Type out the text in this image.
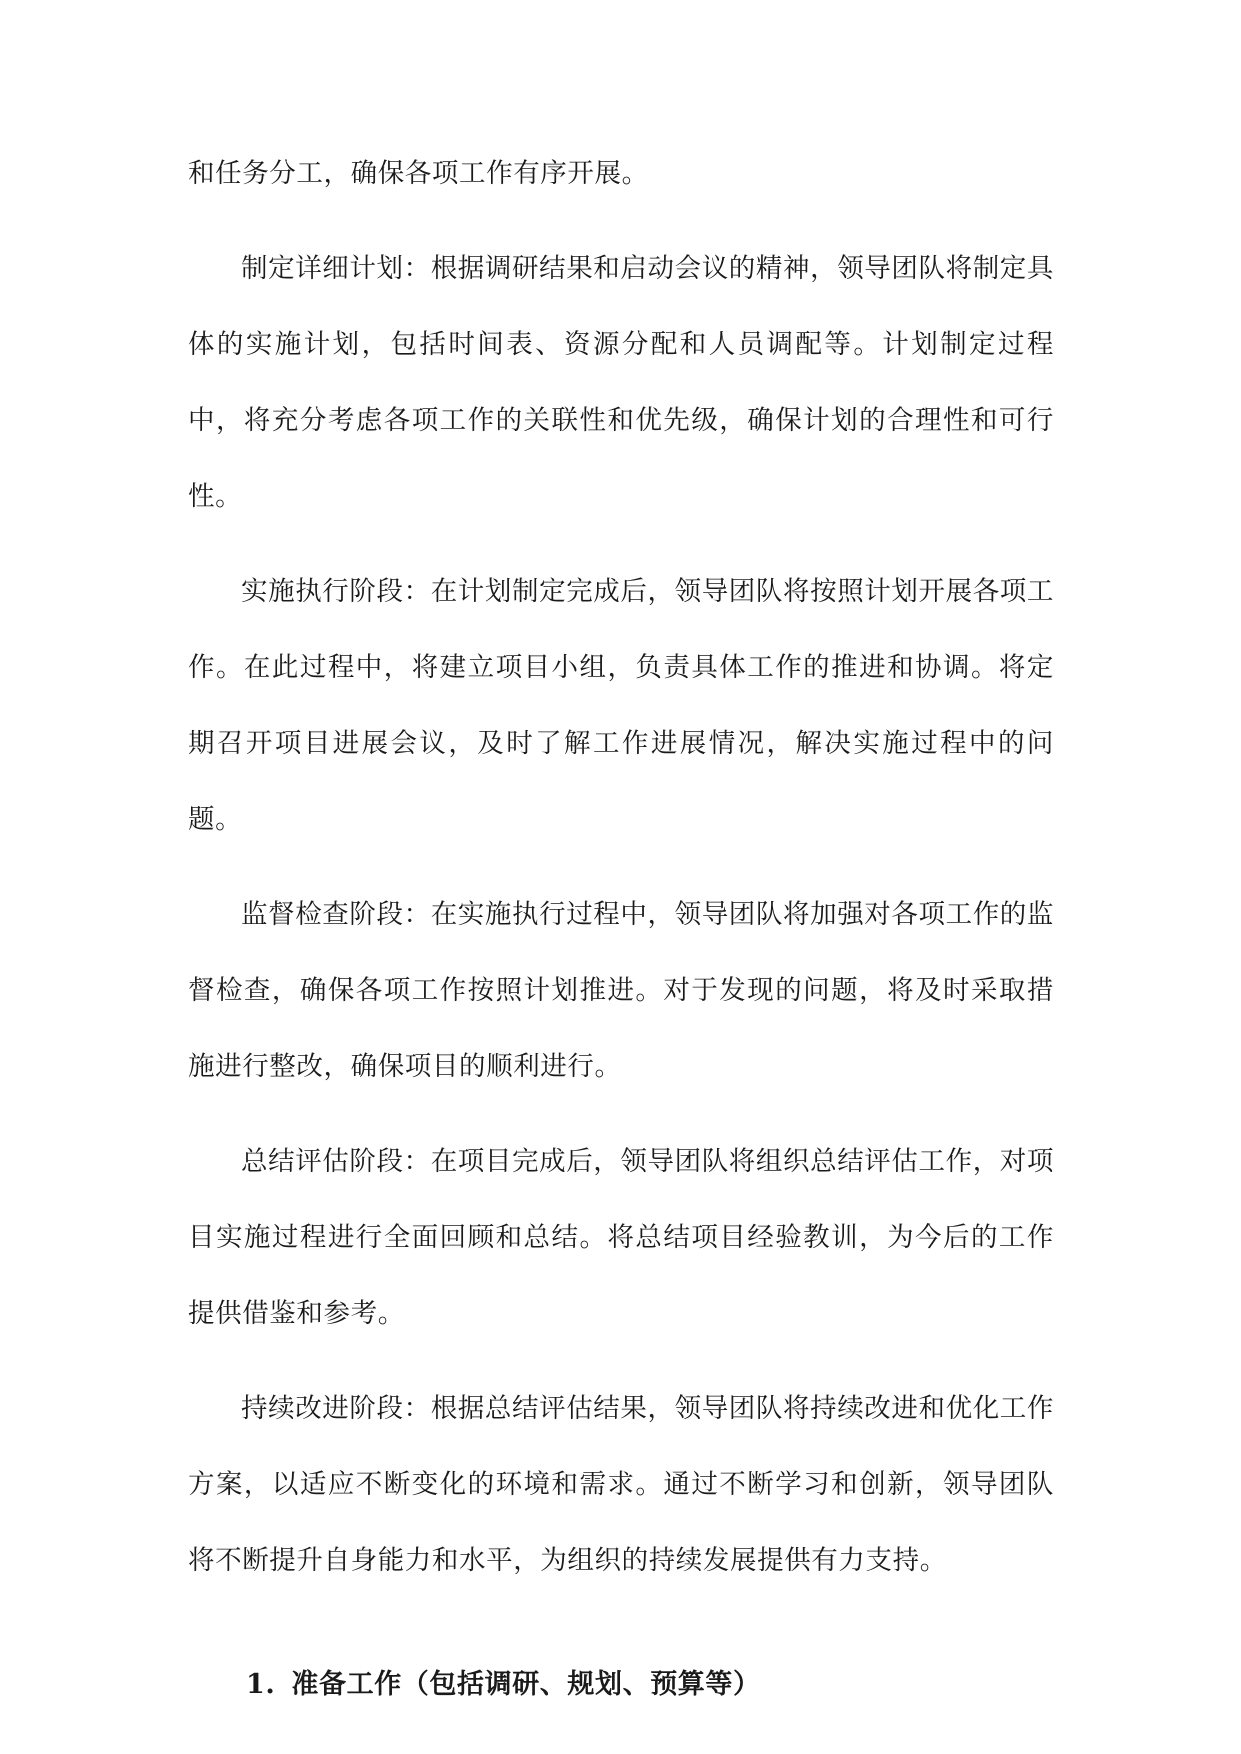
和任务分工，确保各项工作有序开展。

制定详细计划：根据调研结果和启动会议的精神，领导团队将制定具体的实施计划，包括时间表、资源分配和人员调配等。计划制定过程中，将充分考虑各项工作的关联性和优先级，确保计划的合理性和可行性。

实施执行阶段：在计划制定完成后，领导团队将按照计划开展各项工作。在此过程中，将建立项目小组，负责具体工作的推进和协调。将定期召开项目进展会议，及时了解工作进展情况，解决实施过程中的问题。

监督检查阶段：在实施执行过程中，领导团队将加强对各项工作的监督检查，确保各项工作按照计划推进。对于发现的问题，将及时采取措施进行整改，确保项目的顺利进行。

总结评估阶段：在项目完成后，领导团队将组织总结评估工作，对项目实施过程进行全面回顾和总结。将总结项目经验教训，为今后的工作提供借鉴和参考。

持续改进阶段：根据总结评估结果，领导团队将持续改进和优化工作方案，以适应不断变化的环境和需求。通过不断学习和创新，领导团队将不断提升自身能力和水平，为组织的持续发展提供有力支持。

1. 准备工作（包括调研、规划、预算等）
